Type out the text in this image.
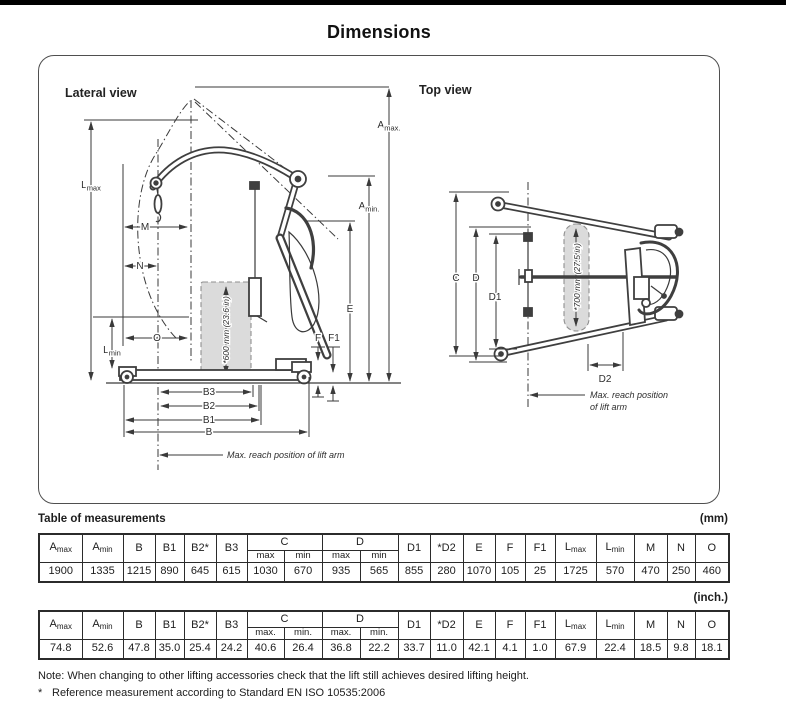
Dimensions
Lateral view
*600 mm (23.6 in)
$A_{max.}$
$A_{min.}$
E
F F1
$L_{max}$
M
N
$L_{min}$
O
B3
B2
B1
B
Max. reach position of lift arm
Top view
*700 mm (27.5 in)
C D
D1
D2
Max. reach position
of lift arm
Table of measurements	(mm)
$A_{max}$	$A_{min}$	B	B1	B2*	B3	C		D		D1	*D2	E	F	F1	$L_{max}$	$L_{min}$	M	N	O
						max	min	max	min										
1900	1335	1215	890	645	615	1030	670	935	565	855	280	1070	105	25	1725	570	470	250	460
(inch.)
$A_{max}$	$A_{min}$	B	B1	B2*	B3	C		D		D1	*D2	E	F	F1	$L_{max}$	$L_{min}$	M	N	O
						max.	min.	max.	min.										
74.8	52.6	47.8	35.0	25.4	24.2	40.6	26.4	36.8	22.2	33.7	11.0	42.1	4.1	1.0	67.9	22.4	18.5	9.8	18.1
Note: When changing to other lifting accessories check that the lift still achieves desired lifting height.
* Reference measurement according to Standard EN ISO 10535:2006
